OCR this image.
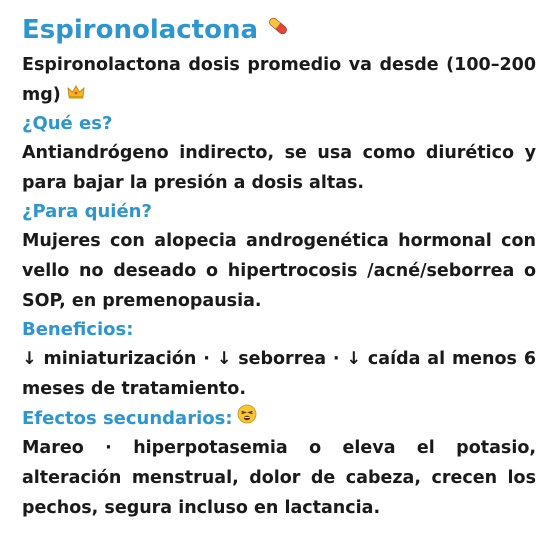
Espironolactona

Espironolactona dosis promedio va desde (100–200 mg)

¿Qué es?

Antiandrógeno indirecto, se usa como diurético y para bajar la presión a dosis altas.

¿Para quién?

Mujeres con alopecia androgenética hormonal con vello no deseado o hipertrocosis /acné/seborrea o SOP, en premenopausia.

Beneficios:

↓ miniaturización · ↓ seborrea · ↓ caída al menos 6 meses de tratamiento.

Efectos secundarios:

Mareo · hiperpotasemia o eleva el potasio, alteración menstrual, dolor de cabeza, crecen los pechos, segura incluso en lactancia.
